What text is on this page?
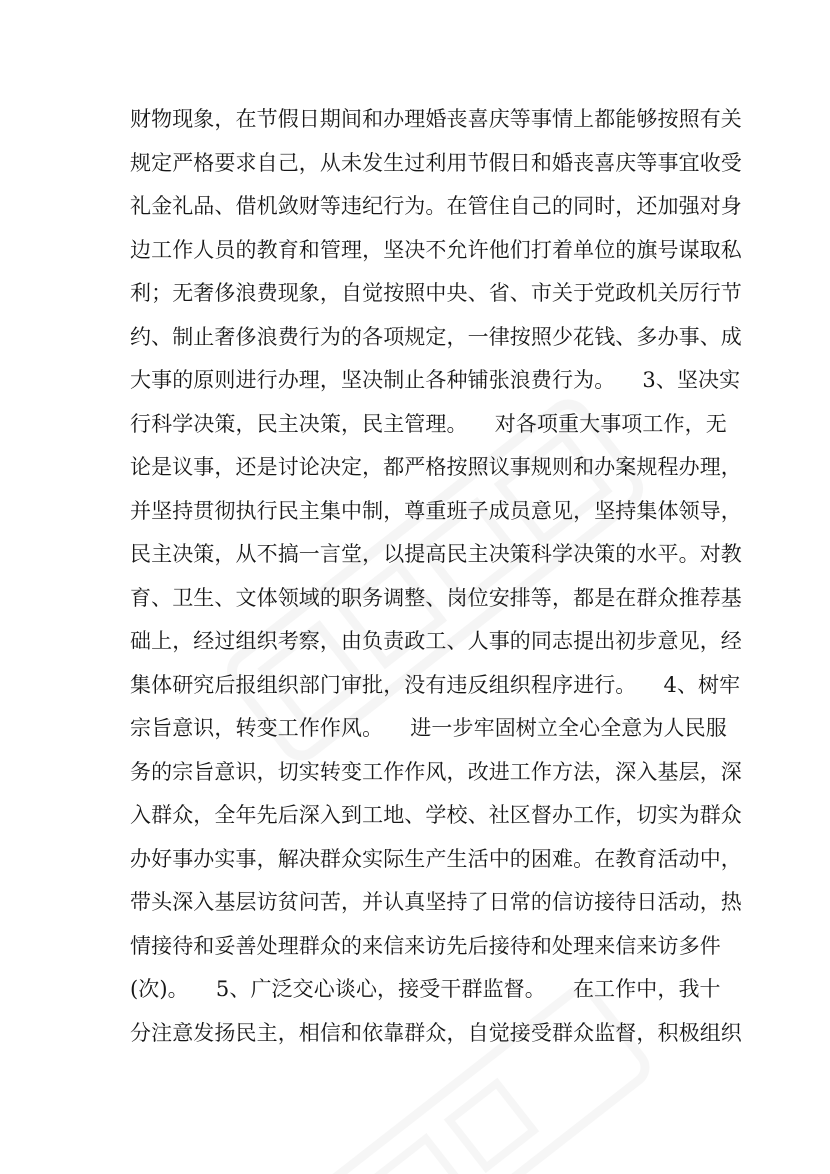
财物现象，在节假日期间和办理婚丧喜庆等事情上都能够按照有关
规定严格要求自己，从未发生过利用节假日和婚丧喜庆等事宜收受
礼金礼品、借机敛财等违纪行为。在管住自己的同时，还加强对身
边工作人员的教育和管理，坚决不允许他们打着单位的旗号谋取私
利；无奢侈浪费现象，自觉按照中央、省、市关于党政机关厉行节
约、制止奢侈浪费行为的各项规定，一律按照少花钱、多办事、成
大事的原则进行办理，坚决制止各种铺张浪费行为。    3、坚决实
行科学决策，民主决策，民主管理。    对各项重大事项工作，无
论是议事，还是讨论决定，都严格按照议事规则和办案规程办理，
并坚持贯彻执行民主集中制，尊重班子成员意见，坚持集体领导，
民主决策，从不搞一言堂，以提高民主决策科学决策的水平。对教
育、卫生、文体领域的职务调整、岗位安排等，都是在群众推荐基
础上，经过组织考察，由负责政工、人事的同志提出初步意见，经
集体研究后报组织部门审批，没有违反组织程序进行。    4、树牢
宗旨意识，转变工作作风。    进一步牢固树立全心全意为人民服
务的宗旨意识，切实转变工作作风，改进工作方法，深入基层，深
入群众，全年先后深入到工地、学校、社区督办工作，切实为群众
办好事办实事，解决群众实际生产生活中的困难。在教育活动中，
带头深入基层访贫问苦，并认真坚持了日常的信访接待日活动，热
情接待和妥善处理群众的来信来访先后接待和处理来信来访多件
(次)。    5、广泛交心谈心，接受干群监督。    在工作中，我十
分注意发扬民主，相信和依靠群众，自觉接受群众监督，积极组织
